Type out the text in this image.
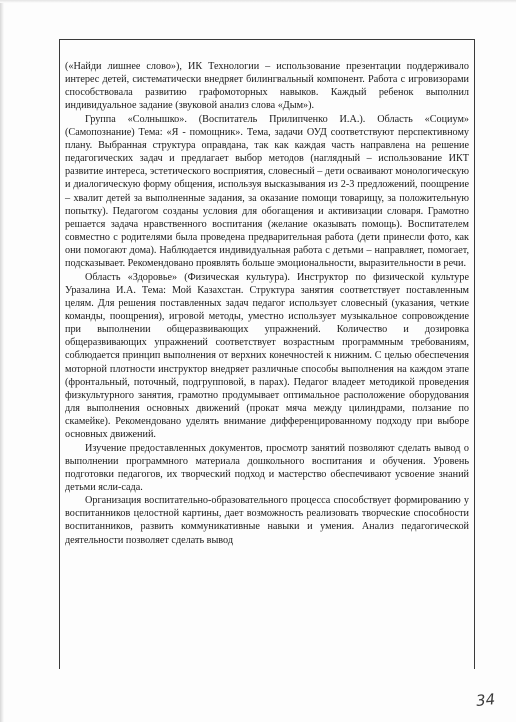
(«Найди лишнее слово»), ИК Технологии – использование презентации поддерживало интерес детей, систематически внедряет билингвальный компонент. Работа с игровизорами способствовала развитию графомоторных навыков. Каждый ребенок выполнил индивидуальное задание (звуковой анализ слова «Дым»).

Группа «Солнышко». (Воспитатель Прилипченко И.А.). Область «Социум» (Самопознание) Тема: «Я - помощник». Тема, задачи ОУД соответствуют перспективному плану. Выбранная структура оправдана, так как каждая часть направлена на решение педагогических задач и предлагает выбор методов (наглядный – использование ИКТ развитие интереса, эстетического восприятия, словесный – дети осваивают монологическую и диалогическую форму общения, используя высказывания из 2-3 предложений, поощрение – хвалит детей за выполненные задания, за оказание помощи товарищу, за положительную попытку). Педагогом созданы условия для обогащения и активизации словаря. Грамотно решается задача нравственного воспитания (желание оказывать помощь). Воспитателем совместно с родителями была проведена предварительная работа (дети принесли фото, как они помогают дома). Наблюдается индивидуальная работа с детьми – направляет, помогает, подсказывает. Рекомендовано проявлять больше эмоциональности, выразительности в речи.

Область «Здоровье» (Физическая культура). Инструктор по физической культуре Уразалина И.А. Тема: Мой Казахстан. Структура занятия соответствует поставленным целям. Для решения поставленных задач педагог использует словесный (указания, четкие команды, поощрения), игровой методы, уместно использует музыкальное сопровождение при выполнении общеразвивающих упражнений. Количество и дозировка общеразвивающих упражнений соответствует возрастным программным требованиям, соблюдается принцип выполнения от верхних конечностей к нижним. С целью обеспечения моторной плотности инструктор внедряет различные способы выполнения на каждом этапе (фронтальный, поточный, подгрупповой, в парах). Педагог владеет методикой проведения физкультурного занятия, грамотно продумывает оптимальное расположение оборудования для выполнения основных движений (прокат мяча между цилиндрами, ползание по скамейке). Рекомендовано уделять внимание дифференцированному подходу при выборе основных движений.

Изучение предоставленных документов, просмотр занятий позволяют сделать вывод о выполнении программного материала дошкольного воспитания и обучения. Уровень подготовки педагогов, их творческий подход и мастерство обеспечивают усвоение знаний детьми ясли-сада.

Организация воспитательно-образовательного процесса способствует формированию у воспитанников целостной картины, дает возможность реализовать творческие способности воспитанников, развить коммуникативные навыки и умения. Анализ педагогической деятельности позволяет сделать вывод

34
